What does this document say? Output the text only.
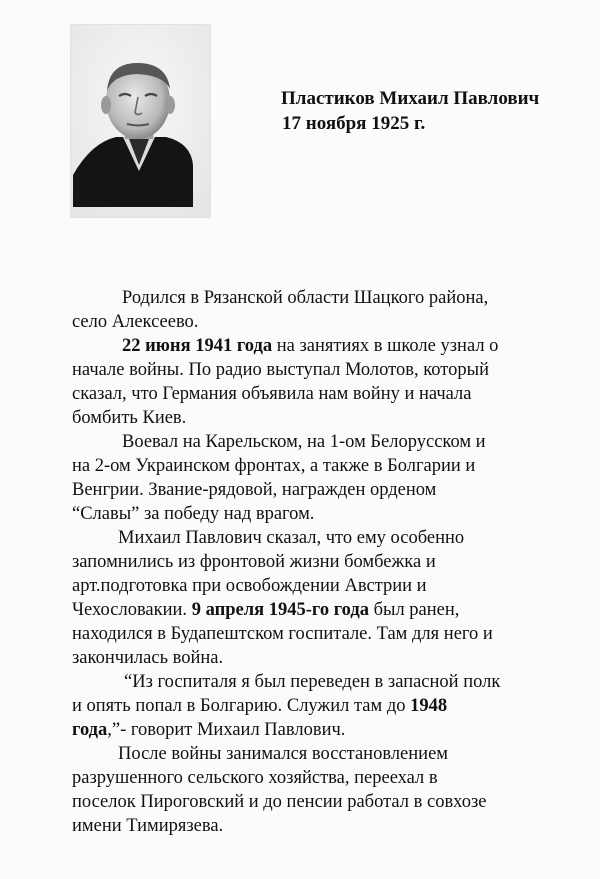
Пластиков Михаил Павлович
17 ноября 1925 г.
Родился в Рязанской области Шацкого района,
село Алексеево.
22 июня 1941 года на занятиях в школе узнал о
начале войны. По радио выступал Молотов, который
сказал, что Германия объявила нам войну и начала
бомбить Киев.
Воевал на Карельском, на 1-ом Белорусском и
на 2-ом Украинском фронтах, а также в Болгарии и
Венгрии. Звание-рядовой, награжден орденом
“Славы” за победу над врагом.
Михаил Павлович сказал, что ему особенно
запомнились из фронтовой жизни бомбежка и
арт.подготовка при освобождении Австрии и
Чехословакии. 9 апреля 1945-го года был ранен,
находился в Будапештском госпитале. Там для него и
закончилась война.
“Из госпиталя я был переведен в запасной полк
и опять попал в Болгарию. Служил там до 1948
года,”- говорит Михаил Павлович.
После войны занимался восстановлением
разрушенного сельского хозяйства, переехал в
поселок Пироговский и до пенсии работал в совхозе
имени Тимирязева.
